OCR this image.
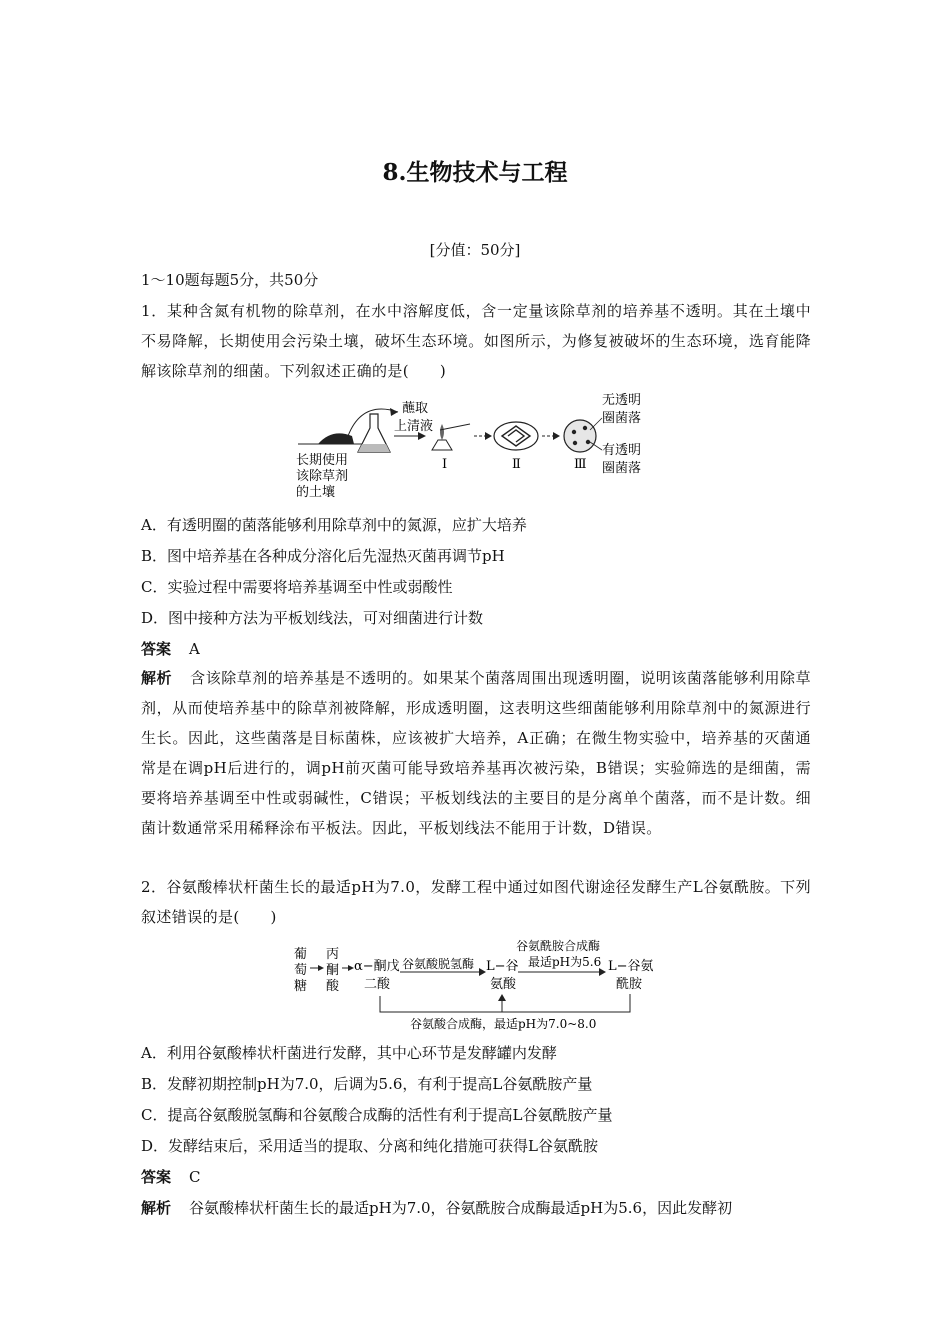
8.生物技术与工程
[分值：50分]
1～10题每题5分，共50分
1．某种含氮有机物的除草剂，在水中溶解度低，含一定量该除草剂的培养基不透明。其在土壤中不易降解，长期使用会污染土壤，破坏生态环境。如图所示，为修复被破坏的生态环境，选育能降解该除草剂的细菌。下列叙述正确的是(　　)
长期使用
该除草剂
的土壤
蘸取
上清液
Ⅰ	Ⅱ	Ⅲ
无透明
圈菌落
有透明
圈菌落
A．有透明圈的菌落能够利用除草剂中的氮源，应扩大培养
B．图中培养基在各种成分溶化后先湿热灭菌再调节pH
C．实验过程中需要将培养基调至中性或弱酸性
D．图中接种方法为平板划线法，可对细菌进行计数
答案 A
解析 含该除草剂的培养基是不透明的。如果某个菌落周围出现透明圈，说明该菌落能够利用除草剂，从而使培养基中的除草剂被降解，形成透明圈，这表明这些细菌能够利用除草剂中的氮源进行生长。因此，这些菌落是目标菌株，应该被扩大培养，A正确；在微生物实验中，培养基的灭菌通常是在调pH后进行的，调pH前灭菌可能导致培养基再次被污染，B错误；实验筛选的是细菌，需要将培养基调至中性或弱碱性，C错误；平板划线法的主要目的是分离单个菌落，而不是计数。细菌计数通常采用稀释涂布平板法。因此，平板划线法不能用于计数，D错误。
2．谷氨酸棒状杆菌生长的最适pH为7.0，发酵工程中通过如图代谢途径发酵生产L谷氨酰胺。下列叙述错误的是(　　)
葡
萄
糖
丙
酮
酸
α−酮戊
二酸
谷氨酸脱氢酶 L−谷
氨酸
谷氨酰胺合成酶
最适pH为5.6 L−谷氨
酰胺
谷氨酸合成酶，最适pH为7.0~8.0
A．利用谷氨酸棒状杆菌进行发酵，其中心环节是发酵罐内发酵
B．发酵初期控制pH为7.0，后调为5.6，有利于提高L谷氨酰胺产量
C．提高谷氨酸脱氢酶和谷氨酸合成酶的活性有利于提高L谷氨酰胺产量
D．发酵结束后，采用适当的提取、分离和纯化措施可获得L谷氨酰胺
答案 C
解析 谷氨酸棒状杆菌生长的最适pH为7.0，谷氨酰胺合成酶最适pH为5.6，因此发酵初
